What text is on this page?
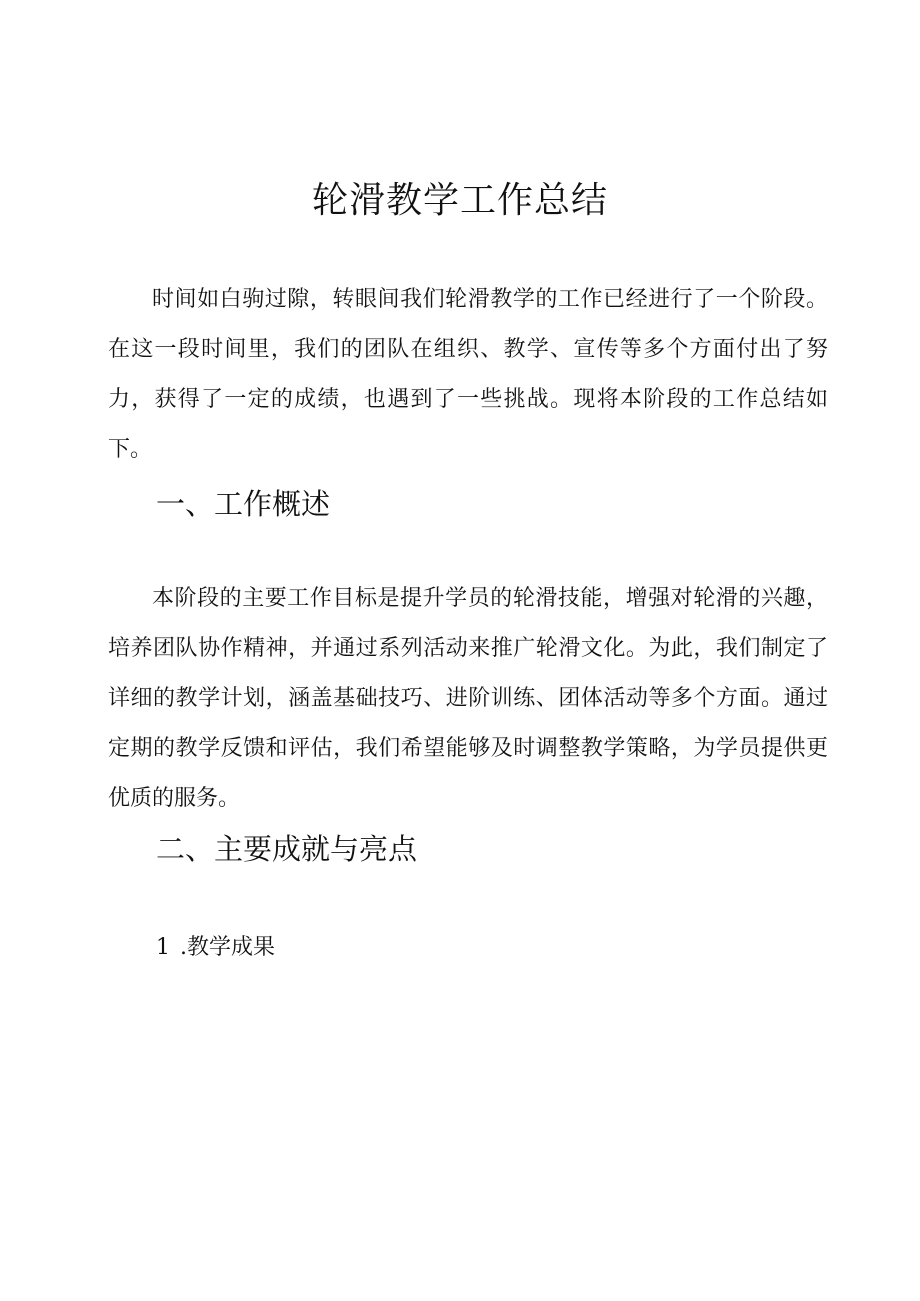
轮滑教学工作总结

时间如白驹过隙，转眼间我们轮滑教学的工作已经进行了一个阶段。在这一段时间里，我们的团队在组织、教学、宣传等多个方面付出了努力，获得了一定的成绩，也遇到了一些挑战。现将本阶段的工作总结如下。

一、工作概述

本阶段的主要工作目标是提升学员的轮滑技能，增强对轮滑的兴趣，培养团队协作精神，并通过系列活动来推广轮滑文化。为此，我们制定了详细的教学计划，涵盖基础技巧、进阶训练、团体活动等多个方面。通过定期的教学反馈和评估，我们希望能够及时调整教学策略，为学员提供更优质的服务。

二、主要成就与亮点

1 .教学成果
